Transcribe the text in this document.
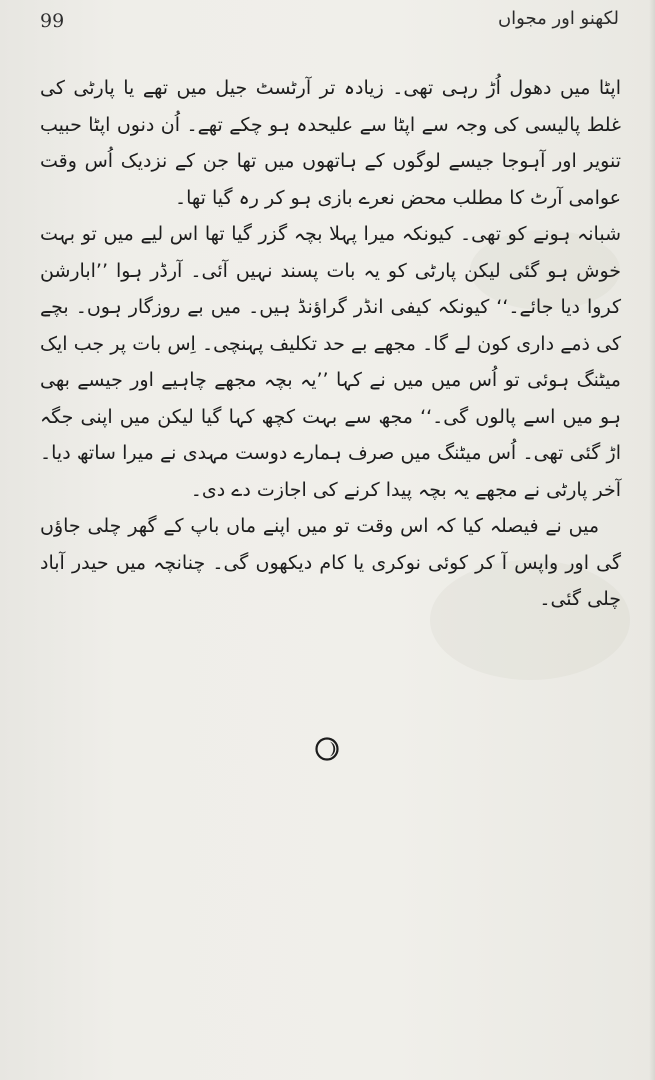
99	لکھنو اور مجواں

اپٹا میں دھول اُڑ رہی تھی۔ زیادہ تر آرٹسٹ جیل میں تھے یا پارٹی کی غلط پالیسی کی وجہ سے اپٹا سے علیحدہ ہو چکے تھے۔ اُن دنوں اپٹا حبیب تنویر اور آہوجا جیسے لوگوں کے ہاتھوں میں تھا جن کے نزدیک اُس وقت عوامی آرٹ کا مطلب محض نعرے بازی ہو کر رہ گیا تھا۔

شبانہ ہونے کو تھی۔ کیونکہ میرا پہلا بچہ گزر گیا تھا اس لیے میں تو بہت خوش ہو گئی لیکن پارٹی کو یہ بات پسند نہیں آئی۔ آرڈر ہوا ’’ابارشن کروا دیا جائے۔‘‘ کیونکہ کیفی انڈر گراؤنڈ ہیں۔ میں بے روزگار ہوں۔ بچے کی ذمے داری کون لے گا۔ مجھے بے حد تکلیف پہنچی۔ اِس بات پر جب ایک میٹنگ ہوئی تو اُس میں میں نے کہا ’’یہ بچہ مجھے چاہیے اور جیسے بھی ہو میں اسے پالوں گی۔‘‘ مجھ سے بہت کچھ کہا گیا لیکن میں اپنی جگہ اڑ گئی تھی۔ اُس میٹنگ میں صرف ہمارے دوست مہدی نے میرا ساتھ دیا۔ آخر پارٹی نے مجھے یہ بچہ پیدا کرنے کی اجازت دے دی۔

میں نے فیصلہ کیا کہ اس وقت تو میں اپنے ماں باپ کے گھر چلی جاؤں گی اور واپس آ کر کوئی نوکری یا کام دیکھوں گی۔ چنانچہ میں حیدر آباد چلی گئی۔
